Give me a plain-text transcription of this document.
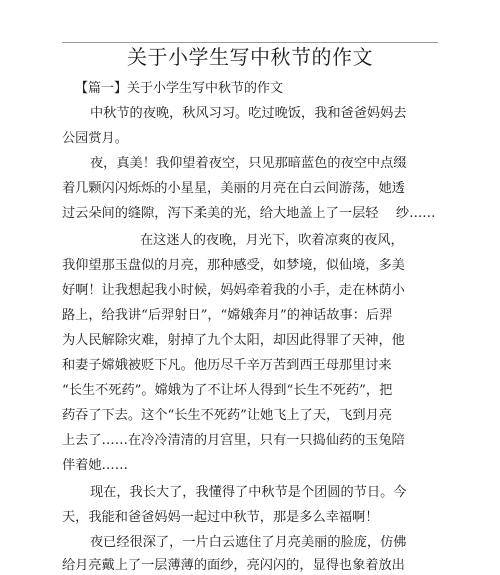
关于小学生写中秋节的作文
【篇一】关于小学生写中秋节的作文
中秋节的夜晚，秋风习习。吃过晚饭，我和爸爸妈妈去
公园赏月。
夜，真美！我仰望着夜空，只见那暗蓝色的夜空中点缀
着几颗闪闪烁烁的小星星，美丽的月亮在白云间游荡，她透
过云朵间的缝隙，泻下柔美的光，给大地盖上了一层轻　 纱……
在这迷人的夜晚，月光下，吹着凉爽的夜风，
我仰望那玉盘似的月亮，那种感受，如梦境，似仙境，多美
好啊！让我想起我小时候，妈妈牵着我的小手，走在林荫小
路上，给我讲“后羿射日”，“嫦娥奔月”的神话故事：后羿
为人民解除灾难，射掉了九个太阳，却因此得罪了天神，他
和妻子嫦娥被贬下凡。他历尽千辛万苦到西王母那里讨来
“长生不死药”。嫦娥为了不让坏人得到“长生不死药”，把
药吞了下去。这个“长生不死药”让她飞上了天，飞到月亮
上去了……在冷冷清清的月宫里，只有一只捣仙药的玉兔陪
伴着她……
现在，我长大了，我懂得了中秋节是个团圆的节日。今
天，我能和爸爸妈妈一起过中秋节，那是多么幸福啊！
夜已经很深了，一片白云遮住了月亮美丽的脸庞，仿佛
给月亮戴上了一层薄薄的面纱，亮闪闪的，显得也象着放出
